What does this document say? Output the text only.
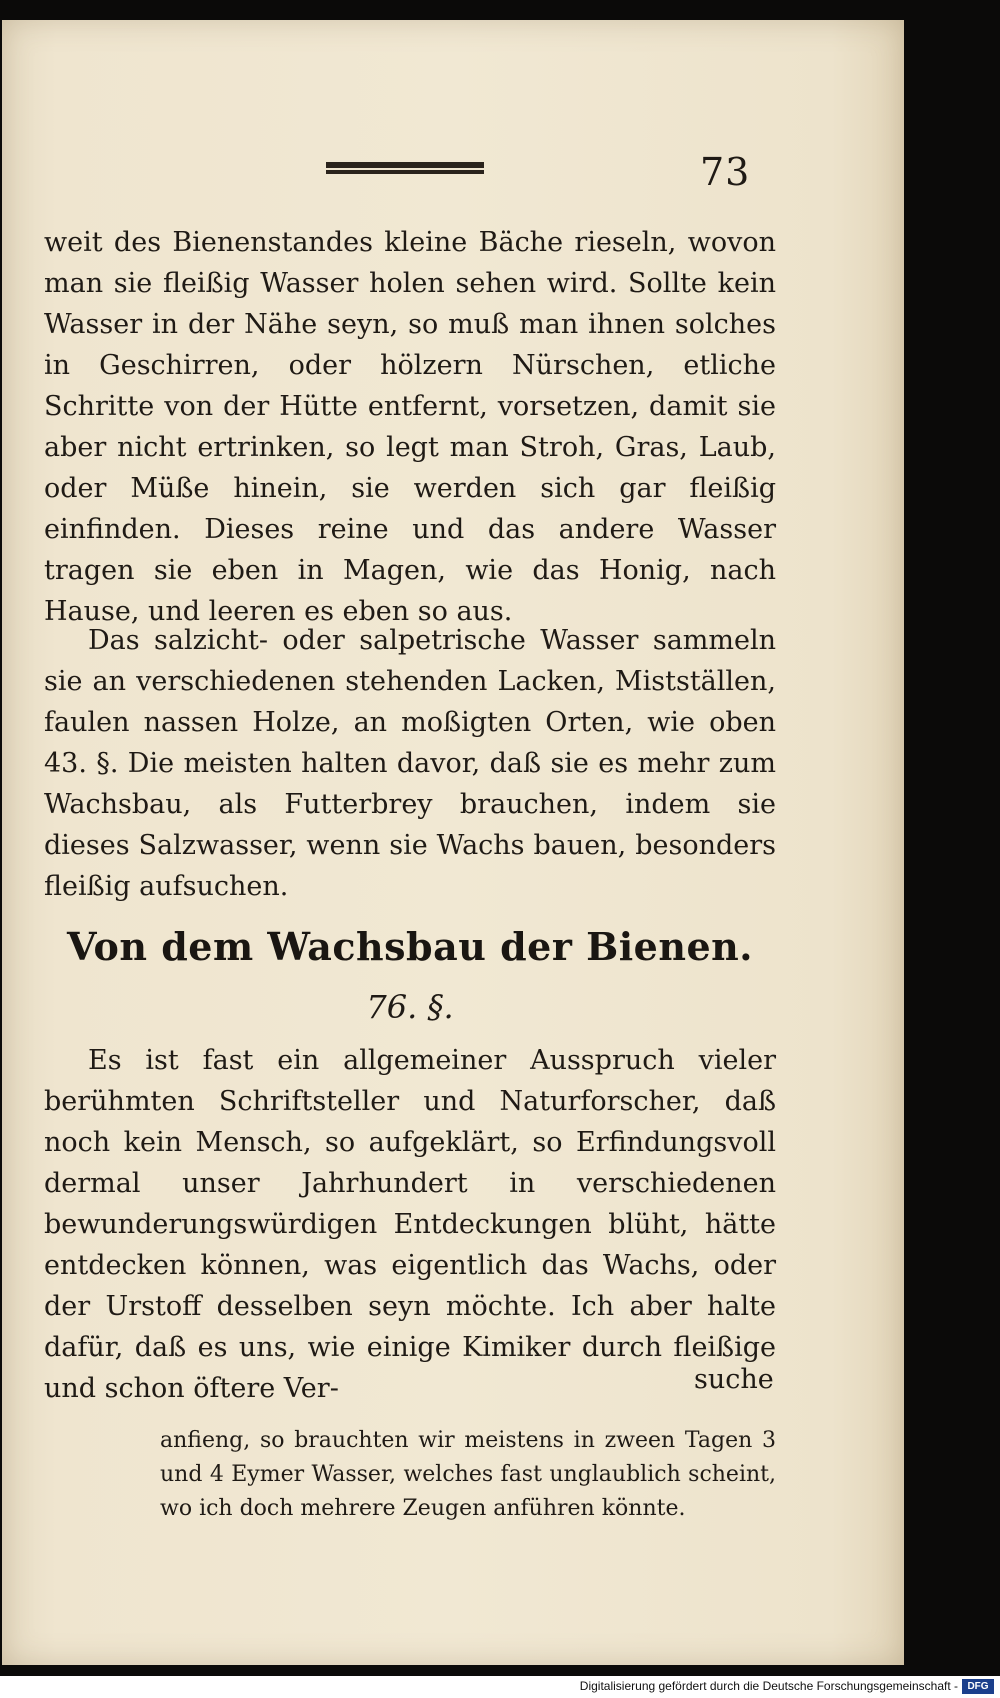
73
weit des Bienenstandes kleine Bäche rieseln, wovon man sie fleißig Wasser holen sehen wird. Sollte kein Wasser in der Nähe seyn, so muß man ihnen solches in Geschirren, oder hölzern Nürschen, etliche Schritte von der Hütte entfernt, vorsetzen, damit sie aber nicht ertrinken, so legt man Stroh, Gras, Laub, oder Müße hinein, sie werden sich gar fleißig einfinden. Dieses reine und das andere Wasser tragen sie eben in Magen, wie das Honig, nach Hause, und leeren es eben so aus.
Das salzicht- oder salpetrische Wasser sammeln sie an verschiedenen stehenden Lacken, Mistställen, faulen nassen Holze, an moßigten Orten, wie oben 43. §. Die meisten halten davor, daß sie es mehr zum Wachsbau, als Futterbrey brauchen, indem sie dieses Salzwasser, wenn sie Wachs bauen, besonders fleißig aufsuchen.
Von dem Wachsbau der Bienen.
76. §.
Es ist fast ein allgemeiner Ausspruch vieler berühmten Schriftsteller und Naturforscher, daß noch kein Mensch, so aufgeklärt, so Erfindungsvoll dermal unser Jahrhundert in verschiedenen bewunderungswürdigen Entdeckungen blüht, hätte entdecken können, was eigentlich das Wachs, oder der Urstoff desselben seyn möchte. Ich aber halte dafür, daß es uns, wie einige Kimiker durch fleißige und schon öftere Ver-	suche
anfieng, so brauchten wir meistens in zween Tagen 3 und 4 Eymer Wasser, welches fast unglaublich scheint, wo ich doch mehrere Zeugen anführen könnte.
Digitalisierung gefördert durch die Deutsche Forschungsgemeinschaft - DFG
